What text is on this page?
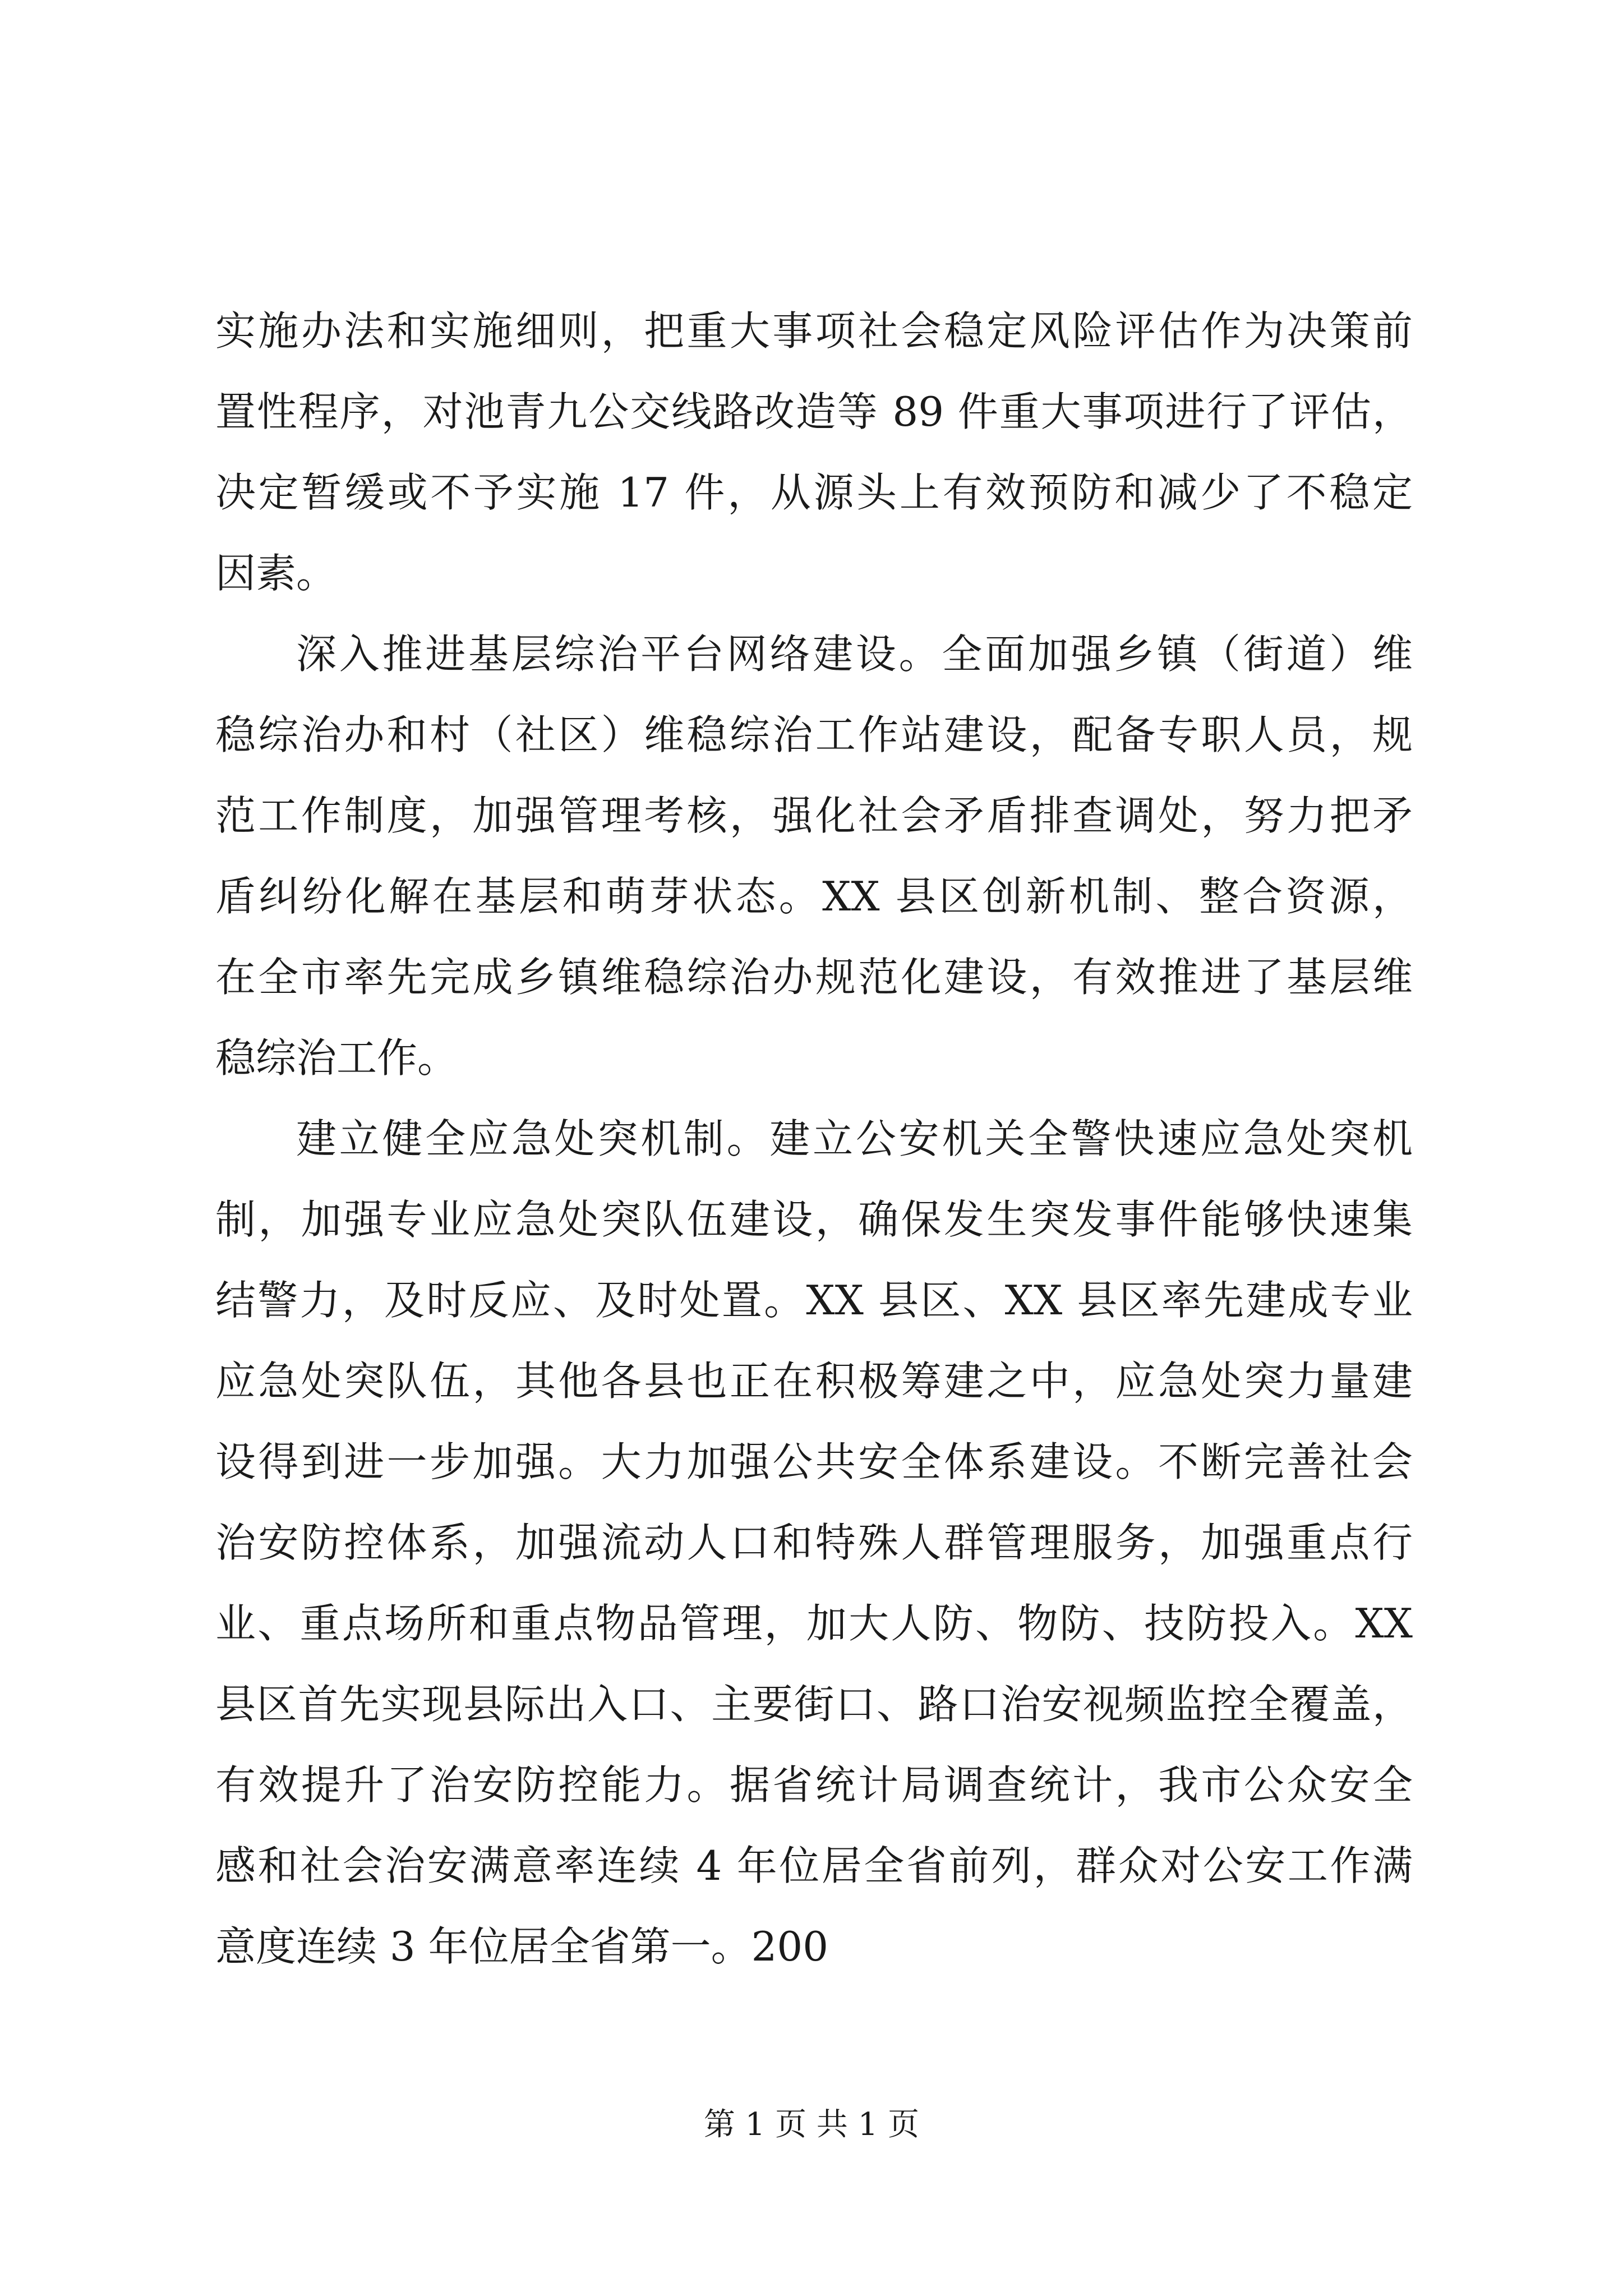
实施办法和实施细则，把重大事项社会稳定风险评估作为决策前
置性程序，对池青九公交线路改造等 89 件重大事项进行了评估，
决定暂缓或不予实施 17 件，从源头上有效预防和减少了不稳定
因素。
深入推进基层综治平台网络建设。全面加强乡镇（街道）维
稳综治办和村（社区）维稳综治工作站建设，配备专职人员，规
范工作制度，加强管理考核，强化社会矛盾排查调处，努力把矛
盾纠纷化解在基层和萌芽状态。XX 县区创新机制、整合资源，
在全市率先完成乡镇维稳综治办规范化建设，有效推进了基层维
稳综治工作。
建立健全应急处突机制。建立公安机关全警快速应急处突机
制，加强专业应急处突队伍建设，确保发生突发事件能够快速集
结警力，及时反应、及时处置。XX 县区、XX 县区率先建成专业
应急处突队伍，其他各县也正在积极筹建之中，应急处突力量建
设得到进一步加强。大力加强公共安全体系建设。不断完善社会
治安防控体系，加强流动人口和特殊人群管理服务，加强重点行
业、重点场所和重点物品管理，加大人防、物防、技防投入。XX
县区首先实现县际出入口、主要街口、路口治安视频监控全覆盖，
有效提升了治安防控能力。据省统计局调查统计，我市公众安全
感和社会治安满意率连续 4 年位居全省前列，群众对公安工作满
意度连续 3 年位居全省第一。200
第 1 页 共 1 页
